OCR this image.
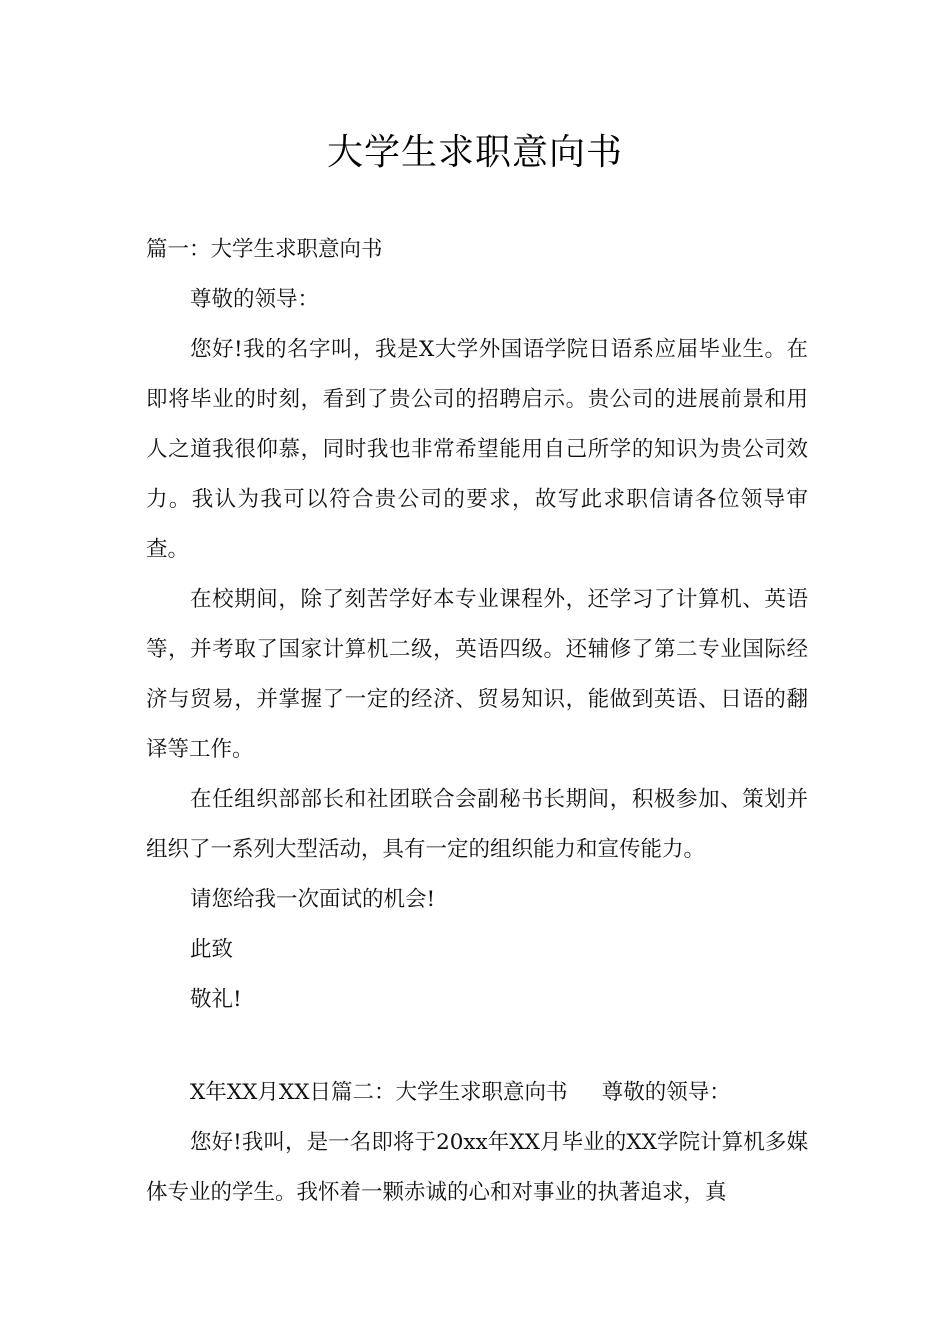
大学生求职意向书

篇一：大学生求职意向书

尊敬的领导：

您好!我的名字叫，我是X大学外国语学院日语系应届毕业生。在即将毕业的时刻，看到了贵公司的招聘启示。贵公司的进展前景和用人之道我很仰慕，同时我也非常希望能用自己所学的知识为贵公司效力。我认为我可以符合贵公司的要求，故写此求职信请各位领导审查。

在校期间，除了刻苦学好本专业课程外，还学习了计算机、英语等，并考取了国家计算机二级，英语四级。还辅修了第二专业国际经济与贸易，并掌握了一定的经济、贸易知识，能做到英语、日语的翻译等工作。

在任组织部部长和社团联合会副秘书长期间，积极参加、策划并组织了一系列大型活动，具有一定的组织能力和宣传能力。

请您给我一次面试的机会!

此致

敬礼!

X年XX月XX日篇二：大学生求职意向书     尊敬的领导：

您好!我叫，是一名即将于20xx年XX月毕业的XX学院计算机多媒体专业的学生。我怀着一颗赤诚的心和对事业的执著追求，真
